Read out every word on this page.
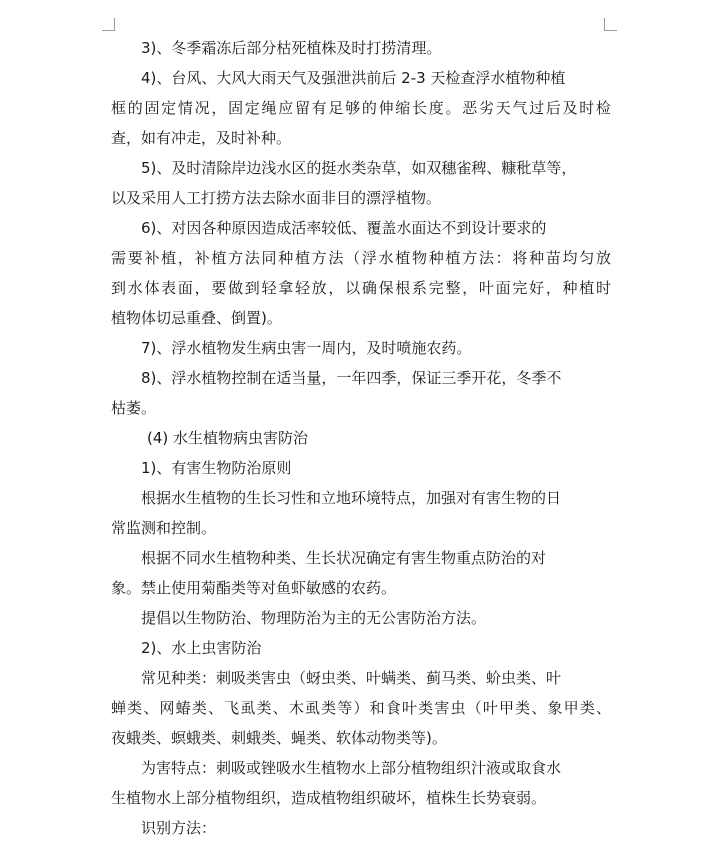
3)、冬季霜冻后部分枯死植株及时打捞清理。
4)、台风、大风大雨天气及强泄洪前后 2-3 天检查浮水植物种植
框的固定情况，固定绳应留有足够的伸缩长度。恶劣天气过后及时检
查，如有冲走，及时补种。
5)、及时清除岸边浅水区的挺水类杂草，如双穗雀稗、糠秕草等，
以及采用人工打捞方法去除水面非目的漂浮植物。
6)、对因各种原因造成活率较低、覆盖水面达不到设计要求的
需要补植，补植方法同种植方法（浮水植物种植方法：将种苗均匀放
到水体表面，要做到轻拿轻放，以确保根系完整，叶面完好，种植时
植物体切忌重叠、倒置)。
7)、浮水植物发生病虫害一周内，及时喷施农药。
8)、浮水植物控制在适当量，一年四季，保证三季开花，冬季不
枯萎。
(4) 水生植物病虫害防治
1)、有害生物防治原则
根据水生植物的生长习性和立地环境特点，加强对有害生物的日
常监测和控制。
根据不同水生植物种类、生长状况确定有害生物重点防治的对
象。禁止使用菊酯类等对鱼虾敏感的农药。
提倡以生物防治、物理防治为主的无公害防治方法。
2)、水上虫害防治
常见种类：刺吸类害虫（蚜虫类、叶螨类、蓟马类、蚧虫类、叶
蝉类、网蝽类、飞虱类、木虱类等）和食叶类害虫（叶甲类、象甲类、
夜蛾类、螟蛾类、刺蛾类、蝇类、软体动物类等)。
为害特点：刺吸或锉吸水生植物水上部分植物组织汁液或取食水
生植物水上部分植物组织，造成植物组织破坏，植株生长势衰弱。
识别方法：
